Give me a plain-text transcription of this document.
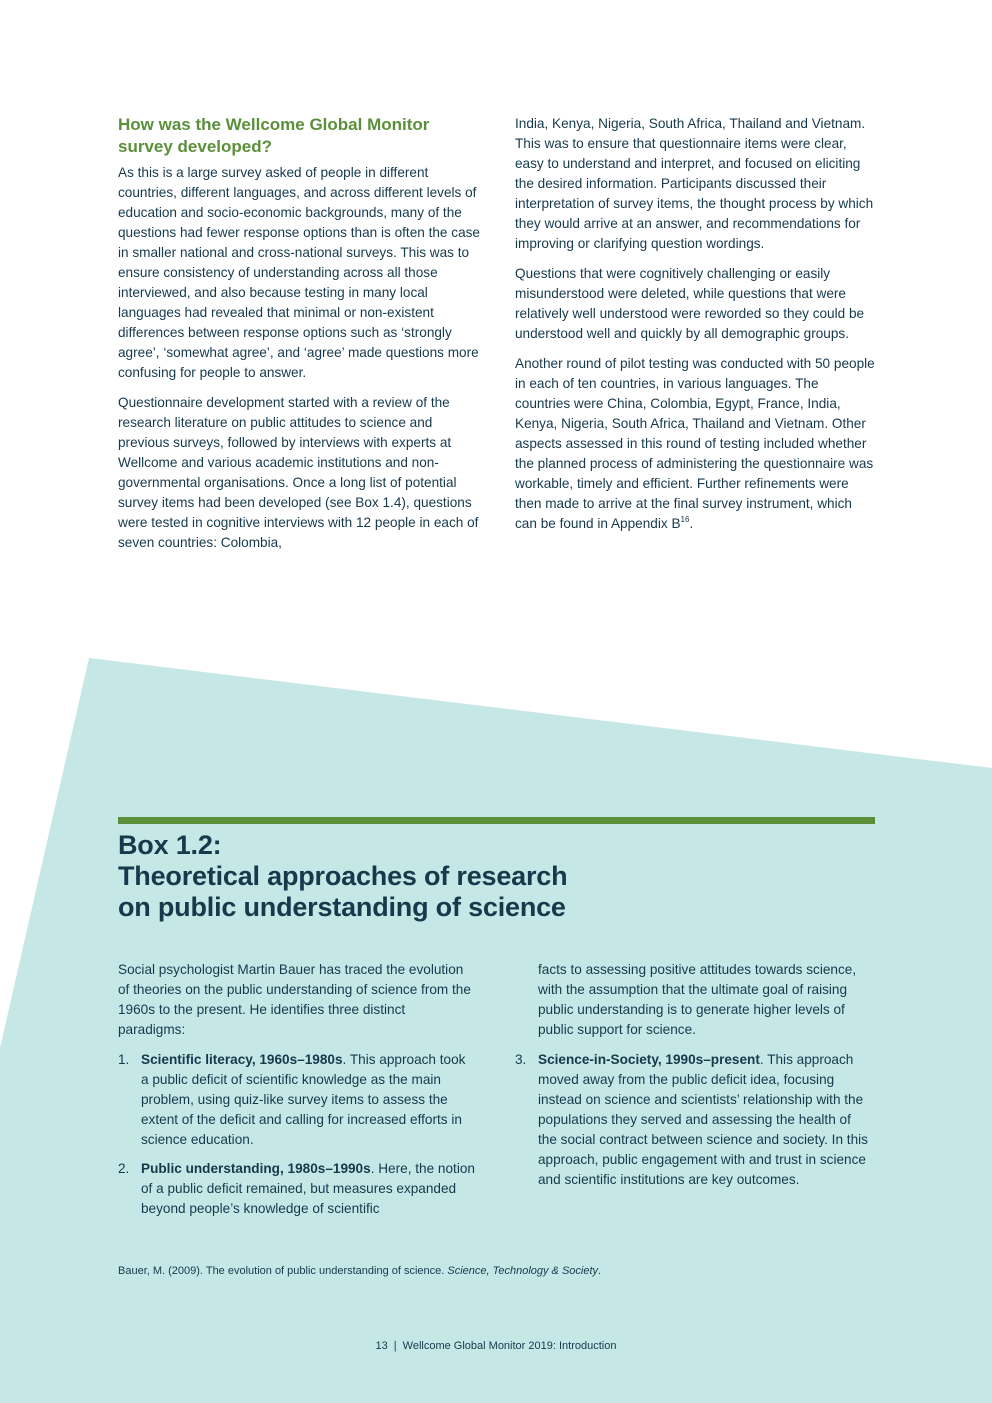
How was the Wellcome Global Monitor
survey developed?

As this is a large survey asked of people in different countries, different languages, and across different levels of education and socio-economic backgrounds, many of the questions had fewer response options than is often the case in smaller national and cross-national surveys. This was to ensure consistency of understanding across all those interviewed, and also because testing in many local languages had revealed that minimal or non-existent differences between response options such as ‘strongly agree’, ‘somewhat agree’, and ‘agree’ made questions more confusing for people to answer.

Questionnaire development started with a review of the research literature on public attitudes to science and previous surveys, followed by interviews with experts at Wellcome and various academic institutions and non-governmental organisations. Once a long list of potential survey items had been developed (see Box 1.4), questions were tested in cognitive interviews with 12 people in each of seven countries: Colombia,

India, Kenya, Nigeria, South Africa, Thailand and Vietnam. This was to ensure that questionnaire items were clear, easy to understand and interpret, and focused on eliciting the desired information. Participants discussed their interpretation of survey items, the thought process by which they would arrive at an answer, and recommendations for improving or clarifying question wordings.

Questions that were cognitively challenging or easily misunderstood were deleted, while questions that were relatively well understood were reworded so they could be understood well and quickly by all demographic groups.

Another round of pilot testing was conducted with 50 people in each of ten countries, in various languages. The countries were China, Colombia, Egypt, France, India, Kenya, Nigeria, South Africa, Thailand and Vietnam. Other aspects assessed in this round of testing included whether the planned process of administering the questionnaire was workable, timely and efficient. Further refinements were then made to arrive at the final survey instrument, which can be found in Appendix $B^{16}$.

Box 1.2:
Theoretical approaches of research
on public understanding of science

Social psychologist Martin Bauer has traced the evolution of theories on the public understanding of science from the 1960s to the present. He identifies three distinct paradigms:

1. Scientific literacy, 1960s–1980s. This approach took a public deficit of scientific knowledge as the main problem, using quiz-like survey items to assess the extent of the deficit and calling for increased efforts in science education.
2. Public understanding, 1980s–1990s. Here, the notion of a public deficit remained, but measures expanded beyond people’s knowledge of scientific

facts to assessing positive attitudes towards science, with the assumption that the ultimate goal of raising public understanding is to generate higher levels of public support for science.

3. Science-in-Society, 1990s–present. This approach moved away from the public deficit idea, focusing instead on science and scientists’ relationship with the populations they served and assessing the health of the social contract between science and society. In this approach, public engagement with and trust in science and scientific institutions are key outcomes.

Bauer, M. (2009). The evolution of public understanding of science. Science, Technology & Society.

13 | Wellcome Global Monitor 2019: Introduction
